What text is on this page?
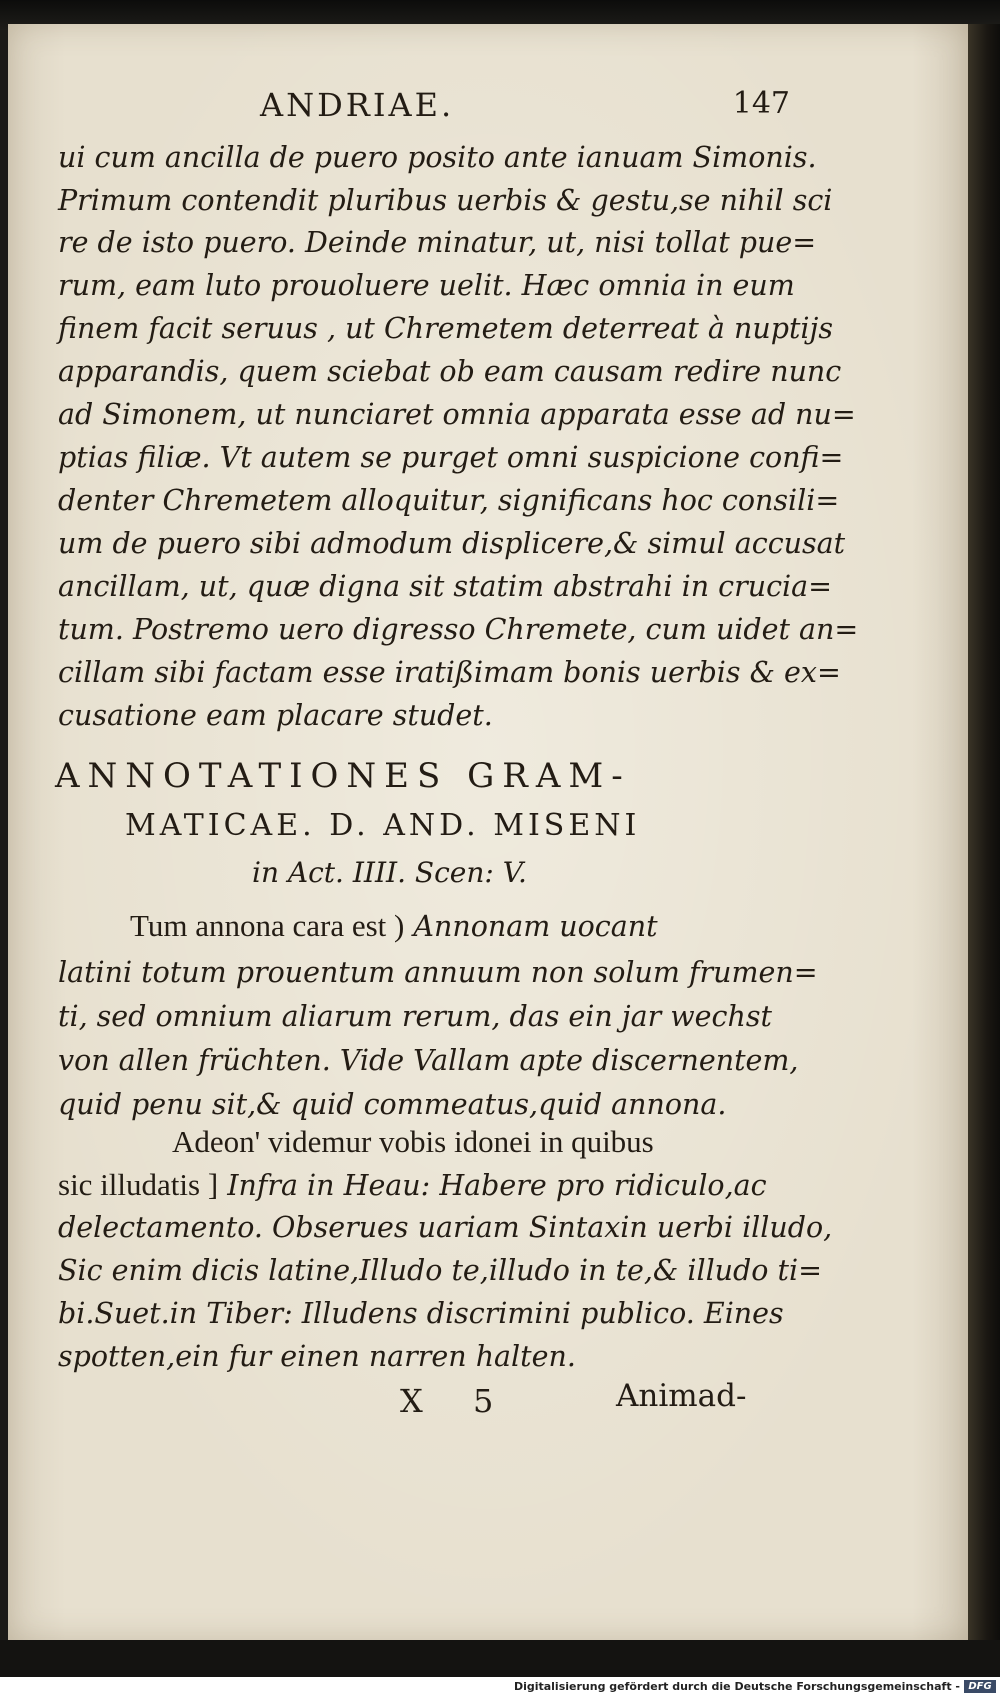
ANDRIAE.	147
ui cum ancilla de puero posito ante ianuam Simonis.
Primum contendit pluribus uerbis & gestu,se nihil sci
re de isto puero. Deinde minatur, ut, nisi tollat pue=
rum, eam luto prouoluere uelit. Hæc omnia in eum
finem facit seruus , ut Chremetem deterreat à nuptijs
apparandis, quem sciebat ob eam causam redire nunc
ad Simonem, ut nunciaret omnia apparata esse ad nu=
ptias filiæ. Vt autem se purget omni suspicione confi=
denter Chremetem alloquitur, significans hoc consili=
um de puero sibi admodum displicere,& simul accusat
ancillam, ut, quæ digna sit statim abstrahi in crucia=
tum. Postremo uero digresso Chremete, cum uidet an=
cillam sibi factam esse iratißimam bonis uerbis & ex=
cusatione eam placare studet.
ANNOTATIONES GRAM-
MATICAE. D. AND. MISENI
in Act. IIII. Scen: V.
Tum annona cara est ) Annonam uocant
latini totum prouentum annuum non solum frumen=
ti, sed omnium aliarum rerum, das ein jar wechst
von allen früchten. Vide Vallam apte discernentem,
quid penu sit,& quid commeatus,quid annona.
Adeon' videmur vobis idonei in quibus
sic illudatis ] Infra in Heau: Habere pro ridiculo,ac
delectamento. Obserues uariam Sintaxin uerbi illudo,
Sic enim dicis latine,Illudo te,illudo in te,& illudo ti=
bi.Suet.in Tiber: Illudens discrimini publico. Eines
spotten,ein fur einen narren halten.
X 5	Animad-
Digitalisierung gefördert durch die Deutsche Forschungsgemeinschaft - DFG
